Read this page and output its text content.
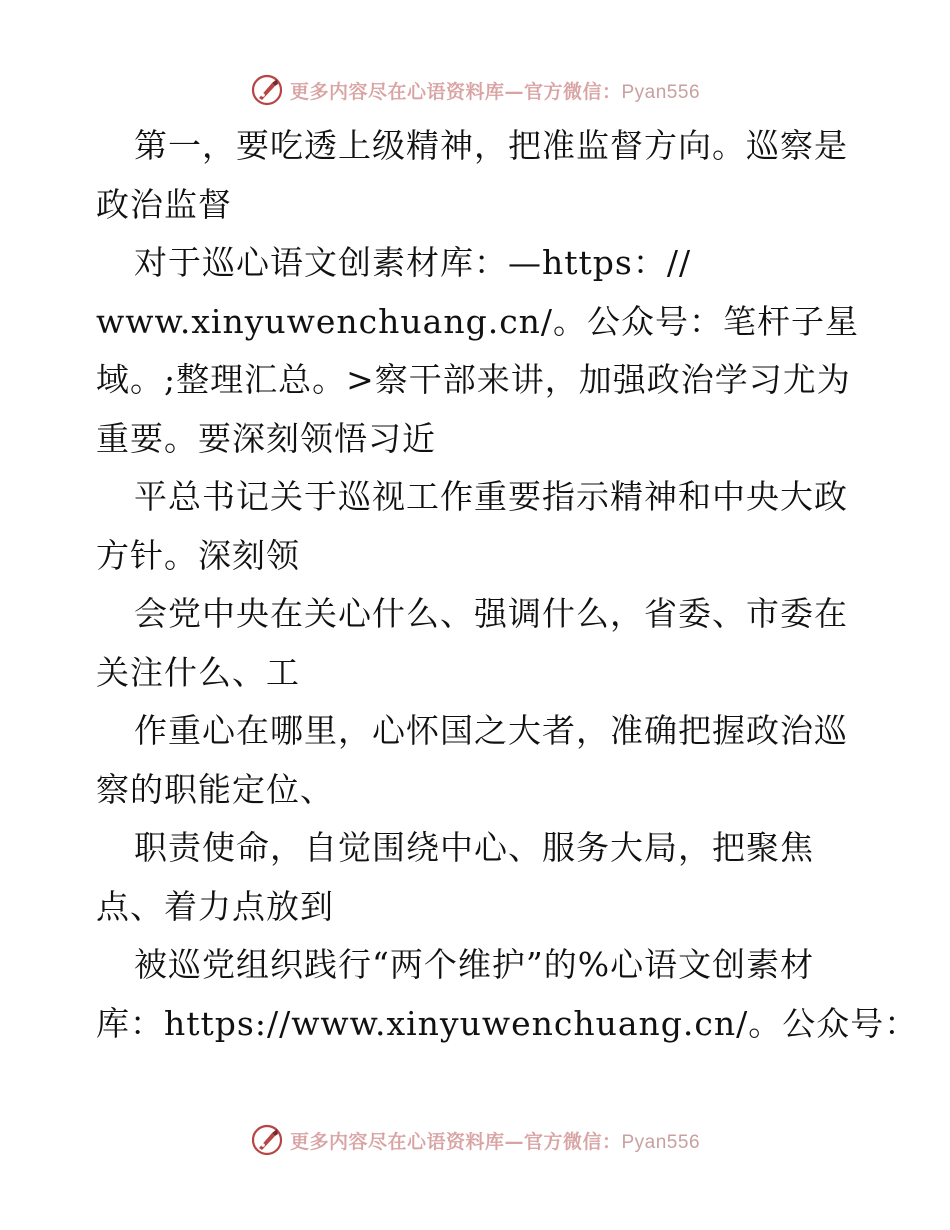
更多内容尽在心语资料库—官方微信：Pyan556
第一，要吃透上级精神，把准监督方向。巡察是
政治监督
对于巡心语文创素材库：—https：//
www.xinyuwenchuang.cn/。公众号：笔杆子星
域。;整理汇总。>察干部来讲，加强政治学习尤为
重要。要深刻领悟习近
平总书记关于巡视工作重要指示精神和中央大政
方针。深刻领
会党中央在关心什么、强调什么，省委、市委在
关注什么、工
作重心在哪里，心怀国之大者，准确把握政治巡
察的职能定位、
职责使命，自觉围绕中心、服务大局，把聚焦
点、着力点放到
被巡党组织践行“两个维护”的%心语文创素材
库：https://www.xinyuwenchuang.cn/。公众号：
更多内容尽在心语资料库—官方微信：Pyan556
